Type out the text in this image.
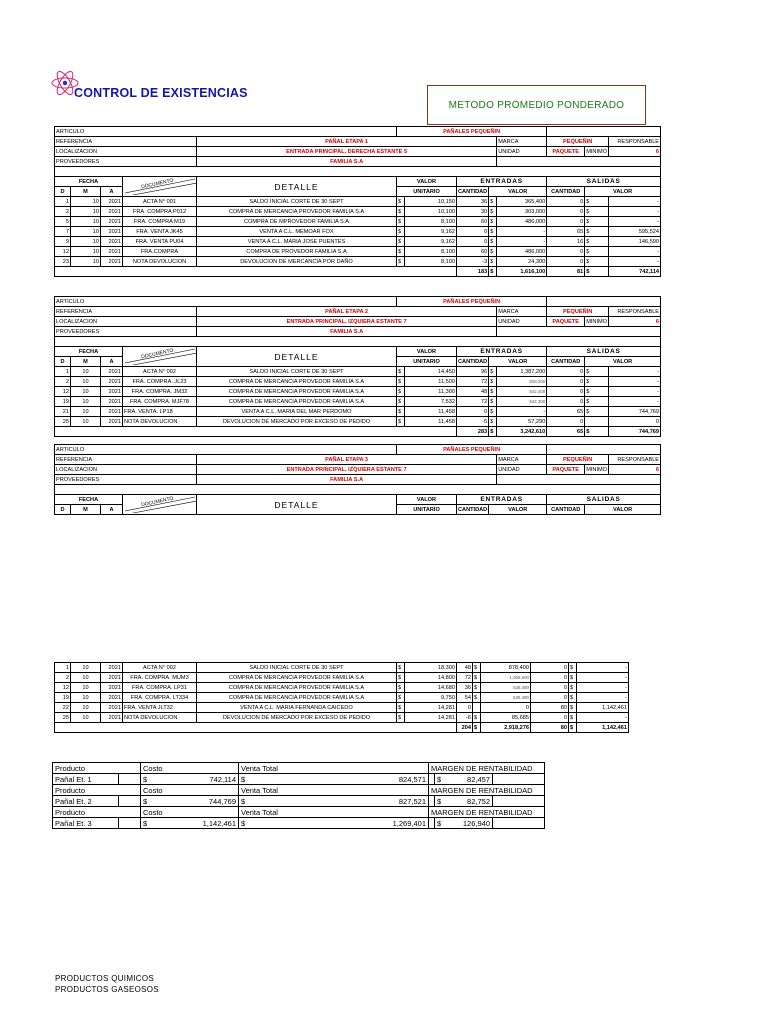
CONTROL DE EXISTENCIAS
METODO PROMEDIO PONDERADO
ARTICULO					PAÑALES PEQUEÑIN							
REFERENCIA				PAÑAL ETAPA 1					MARCA	PEQUEÑIN		RESPONSABLE
LOCALIZACION				ENTRADA PRINCIPAL, DERECHA ESTANTE 5					UNIDAD	PAQUETE	MINIMO	6
PROVEEDORES				FAMILIA S.A								

FECHA			DOCUMENTO	DETALLE	VALOR		ENTRADAS			SALIDAS		
D	M	A			UNITARIO		CANTIDAD	VALOR		CANTIDAD	VALOR	
1	10	2021	ACTA N° 001	SALDO INICIAL CORTE DE 30 SEPT	$	10,150	36	$	365,400	0	$	-
2	10	2021	FRA. COMPRA P012	COMPRA DE MERCANCIA PROVEDOR FAMILIA S.A	$	10,100	30	$	303,000	0	$	-
5	10	2021	FRA. COMPRA M19	COMPRA DE MPROVEDOR FAMILIA S.A	$	8,100	60	$	486,000	0	$	-
7	10	2021	FRA. VENTA JK45	VENTA A C.L. MEMOAR FOX	$	9,162	0	$	-	65	$	595,524
9	10	2021	FRA. VENTA PU04	VENTA A C.L. MARIA JOSE PUENTES	$	9,162	0	$	-	16	$	146,590
12	10	2021	FRA.COMPRA	COMPRA DE PROVEDOR FAMILIA S.A	$	8,100	60	$	486,000	0	$	-
23	10	2021	NOTA DEVOLUCION	DEVOLUCION DE MERCANCIA POR DAÑO	$	8,100	-3	$	24,300	0	$	-
							183	$	1,616,100	81	$	742,114
ARTICULO					PAÑALES PEQUEÑIN							
REFERENCIA				PAÑAL ETAPA 2					MARCA	PEQUEÑIN		RESPONSABLE
LOCALIZACION				ENTRADA PRINCIPAL, IZQUIERA ESTANTE 7					UNIDAD	PAQUETE	MINIMO	6
PROVEEDORES				FAMILIA S.A								

FECHA			DOCUMENTO	DETALLE	VALOR		ENTRADAS			SALIDAS		
D	M	A			UNITARIO		CANTIDAD	VALOR		CANTIDAD	VALOR	
1	10	2021	ACTA N° 002	SALDO INICIAL CORTE DE 30 SEPT	$	14,450	96	$	1,387,200	0	$	-
2	10	2021	FRA. COMPRA. JL23	COMPRA DE MERCANCIA PROVEDOR FAMILIA S.A	$	11,500	72	$	828,000	0	$	-
12	10	2021	FRA. COMPRA. JM32	COMPRA DE MERCANCIA PROVEDOR FAMILIA S.A	$	11,300	48	$	542,400	0	$	-
19	10	2021	FRA. COMPRA. MJF78	COMPRA DE MERCANCIA PROVEDOR FAMILIA S.A	$	7,532	72	$	542,300	0	$	-
21	10	2021	FRA. VENTA. LP18	VENTA A C.L. MARIA DEL MAR PERDOMO	$	11,458	0	$	-	65	$	744,769
25	10	2021	NOTA DEVOLUCION	DEVOLUCION DE MERCADO POR EXCESO DE PEDIDO	$	11,458	-5	$	57,290	0		0
							283	$	3,242,610	65	$	744,769
ARTICULO					PAÑALES PEQUEÑIN						
REFERENCIA				PAÑAL ETAPA 3				MARCA	PEQUEÑIN		RESPONSABLE
LOCALIZACION				ENTRADA PRINCIPAL, IZQUIERA ESTANTE 7				UNIDAD	PAQUETE	MINIMO	6
PROVEEDORES				FAMILIA S.A							

FECHA			DOCUMENTO	DETALLE	VALOR	ENTRADAS			SALIDAS		
D	M	A			UNITARIO	CANTIDAD	VALOR		CANTIDAD	VALOR	
1	10	2021	ACTA N° 002	SALDO INICIAL CORTE DE 30 SEPT	$	18,300	48	$	878,400	0	$	-
2	10	2021	FRA. COMPRA. MUM3	COMPRA DE MERCANCIA PROVEDOR FAMILIA S.A	$	14,800	72	$	1,065,600	0	$	-
12	10	2021	FRA. COMPRA. LP31	COMPRA DE MERCANCIA PROVEDOR FAMILIA S.A	$	14,680	36	$	528,480	0	$	-
19	10	2021	FRA. COMPRA. LT334	COMPRA DE MERCANCIA PROVEDOR FAMILIA S.A	$	9,750	54	$	526,480	0	$	-
22	10	2021	FRA. VENTA JLT32	VENTA A C.L. MARIA FERNANDA CAICEDO	$	14,281	0		0	80	$	1,142,461
25	10	2021	NOTA DEVOLUCION	DEVOLUCION DE MERCADO POR EXCESO DE PEDIDO	$	14,281	-6	$	85,685	0	$	-
							204	$	2,918,276	80	$	1,142,461
Producto		Costo	Venta Total	MARGEN DE RENTABILIDAD		
Pañal Et. 1		$ 742,114	$ 824,571		$ 82,457	

Producto		Costo	Venta Total	MARGEN DE RENTABILIDAD		
Pañal Et. 2		$ 744,769	$ 827,521		$ 82,752	

Producto		Costo	Venta Total	MARGEN DE RENTABILIDAD		
Pañal Et. 3		$ 1,142,461	$ 1,269,401		$ 126,940	

PRODUCTOS QUIMICOS
PRODUCTOS GASEOSOS
